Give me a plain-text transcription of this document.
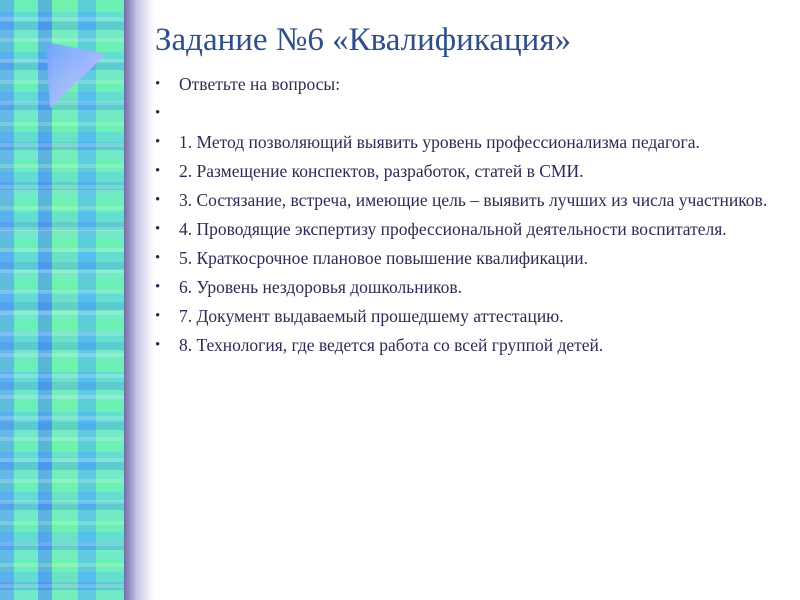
Задание №6 «Квалификация»
• Ответьте на вопросы:
•
• 1. Метод позволяющий выявить уровень профессионализма педагога.
• 2. Размещение конспектов, разработок, статей в СМИ.
• 3. Состязание, встреча, имеющие цель – выявить лучших из числа участников.
• 4. Проводящие экспертизу профессиональной деятельности воспитателя.
• 5. Краткосрочное плановое повышение квалификации.
• 6. Уровень нездоровья дошкольников.
• 7. Документ выдаваемый прошедшему аттестацию.
• 8. Технология, где ведется работа со всей группой детей.
